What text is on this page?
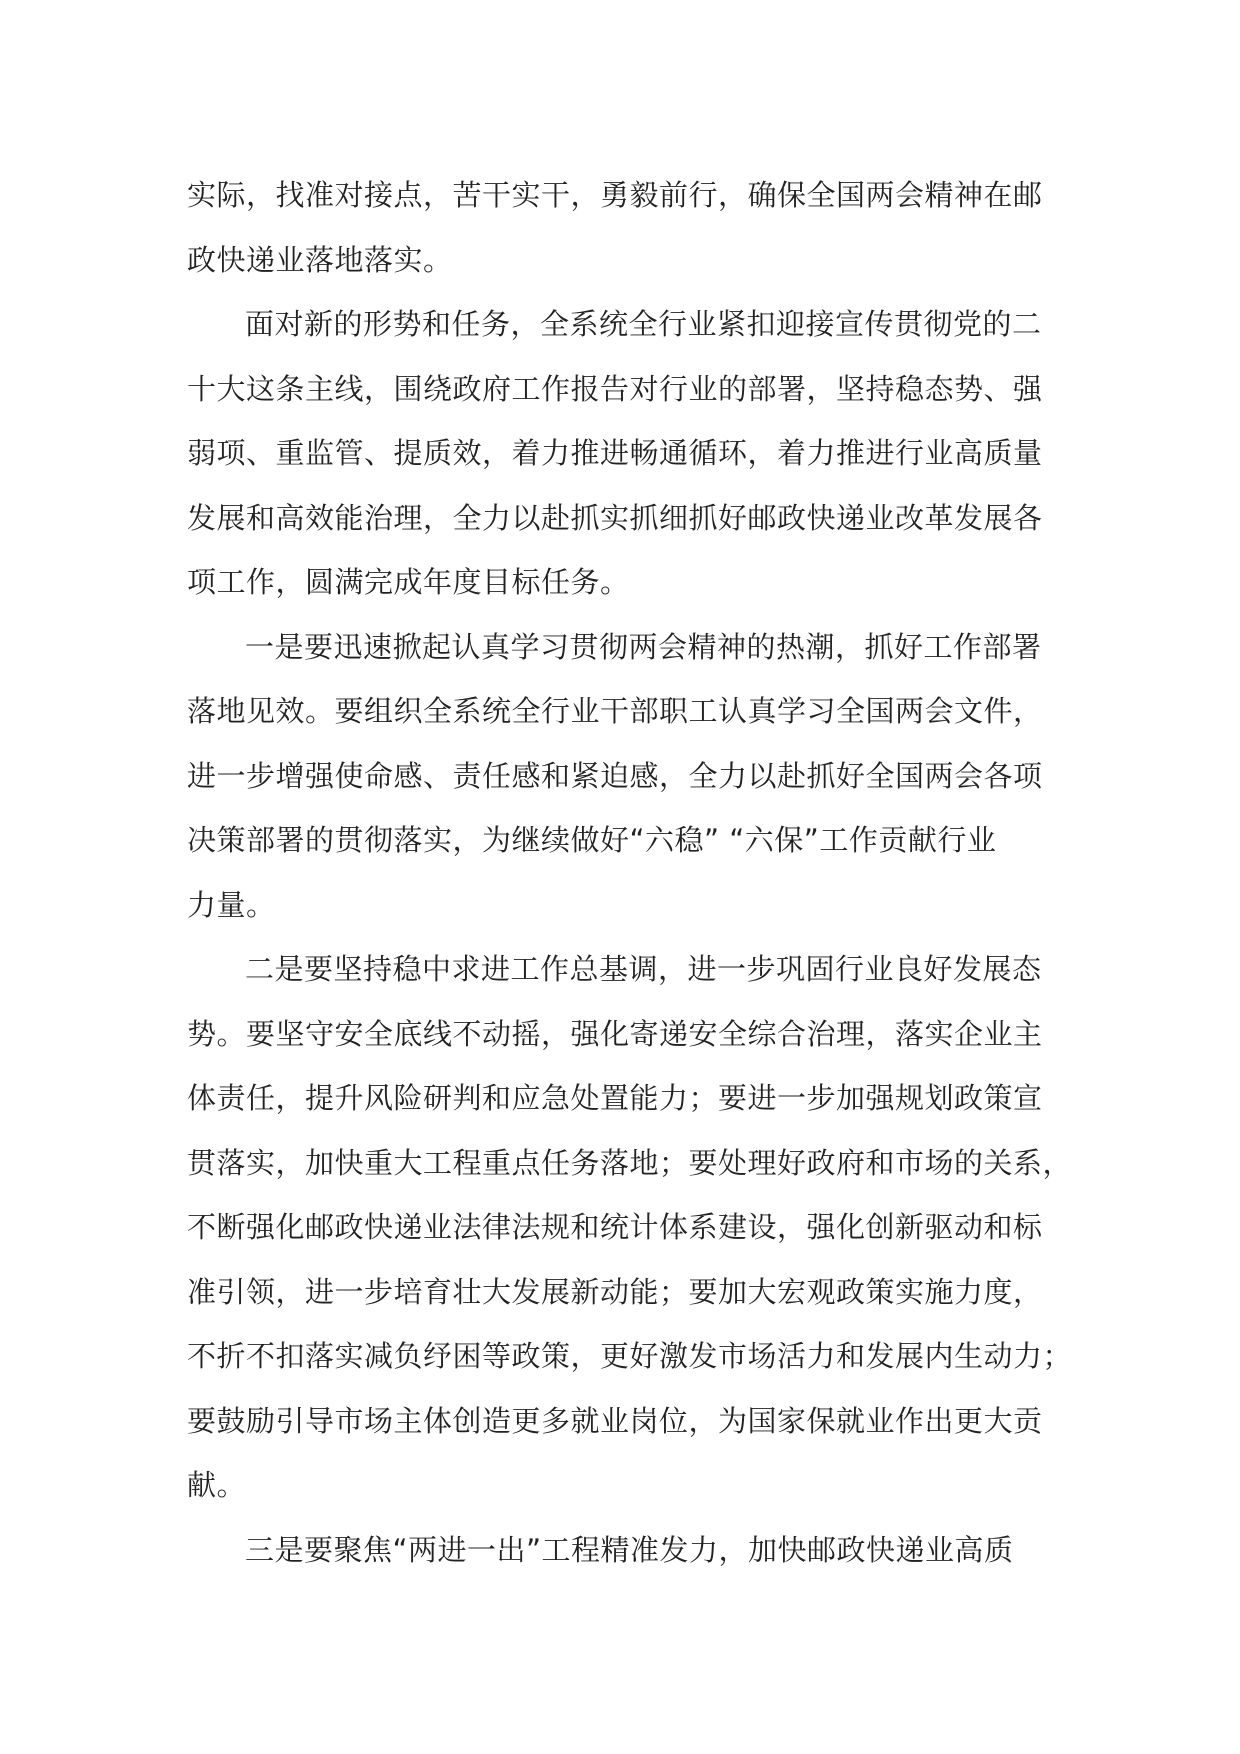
实际，找准对接点，苦干实干，勇毅前行，确保全国两会精神在邮
政快递业落地落实。
面对新的形势和任务，全系统全行业紧扣迎接宣传贯彻党的二
十大这条主线，围绕政府工作报告对行业的部署，坚持稳态势、强
弱项、重监管、提质效，着力推进畅通循环，着力推进行业高质量
发展和高效能治理，全力以赴抓实抓细抓好邮政快递业改革发展各
项工作，圆满完成年度目标任务。
一是要迅速掀起认真学习贯彻两会精神的热潮，抓好工作部署
落地见效。要组织全系统全行业干部职工认真学习全国两会文件，
进一步增强使命感、责任感和紧迫感，全力以赴抓好全国两会各项
决策部署的贯彻落实，为继续做好“六稳” “六保”工作贡献行业
力量。
二是要坚持稳中求进工作总基调，进一步巩固行业良好发展态
势。要坚守安全底线不动摇，强化寄递安全综合治理，落实企业主
体责任，提升风险研判和应急处置能力；要进一步加强规划政策宣
贯落实，加快重大工程重点任务落地；要处理好政府和市场的关系，
不断强化邮政快递业法律法规和统计体系建设，强化创新驱动和标
准引领，进一步培育壮大发展新动能；要加大宏观政策实施力度，
不折不扣落实减负纾困等政策，更好激发市场活力和发展内生动力；
要鼓励引导市场主体创造更多就业岗位，为国家保就业作出更大贡
献。
三是要聚焦“两进一出”工程精准发力，加快邮政快递业高质
